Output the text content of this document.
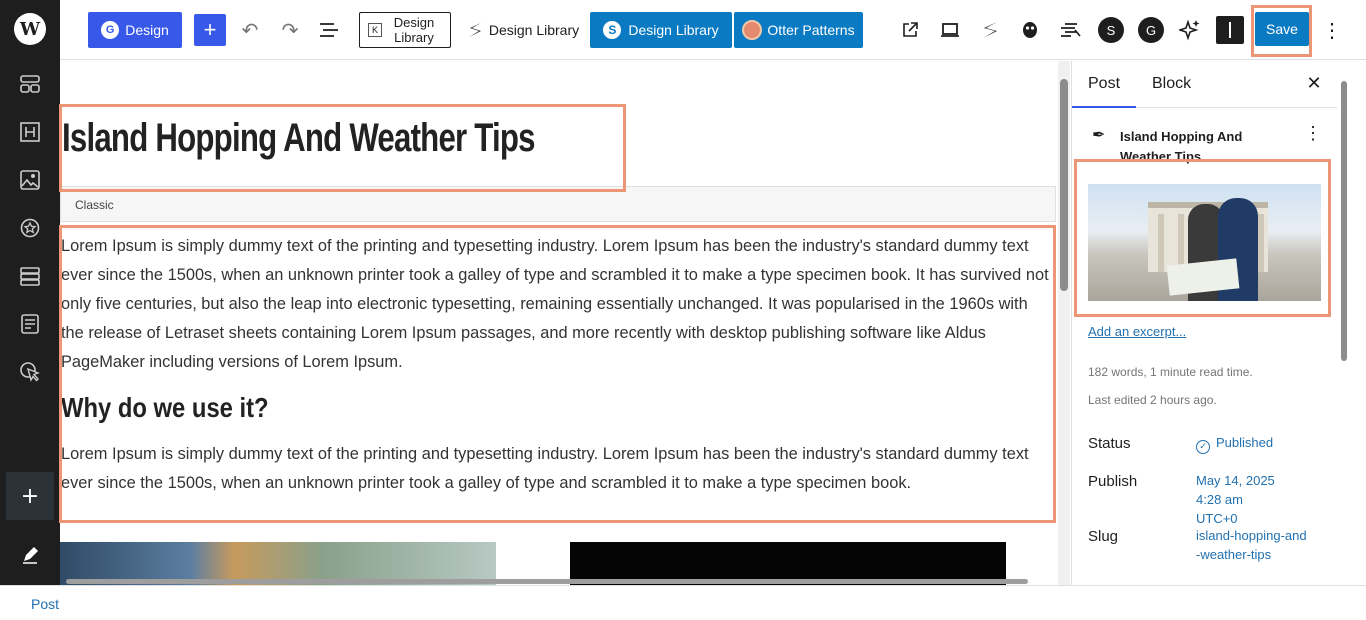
W
+
G Design	+	↶	↷	K	Design Library	Design Library	S Design Library	Otter Patterns	S	G	Save	⋮
Island Hopping And Weather Tips
Classic
Lorem Ipsum is simply dummy text of the printing and typesetting industry. Lorem Ipsum has been the industry's standard dummy text ever since the 1500s, when an unknown printer took a galley of type and scrambled it to make a type specimen book. It has survived not only five centuries, but also the leap into electronic typesetting, remaining essentially unchanged. It was popularised in the 1960s with the release of Letraset sheets containing Lorem Ipsum passages, and more recently with desktop publishing software like Aldus PageMaker including versions of Lorem Ipsum.
Why do we use it?
Lorem Ipsum is simply dummy text of the printing and typesetting industry. Lorem Ipsum has been the industry's standard dummy text ever since the 1500s, when an unknown printer took a galley of type and scrambled it to make a type specimen book.
Post	Block	✕
✒ Island Hopping And Weather Tips
⋮
Add an excerpt...
182 words, 1 minute read time.
Last edited 2 hours ago.
Status	✓ Published
Publish	May 14, 2025 4:28 am UTC+0
Slug	island-hopping-and-weather-tips
Post
